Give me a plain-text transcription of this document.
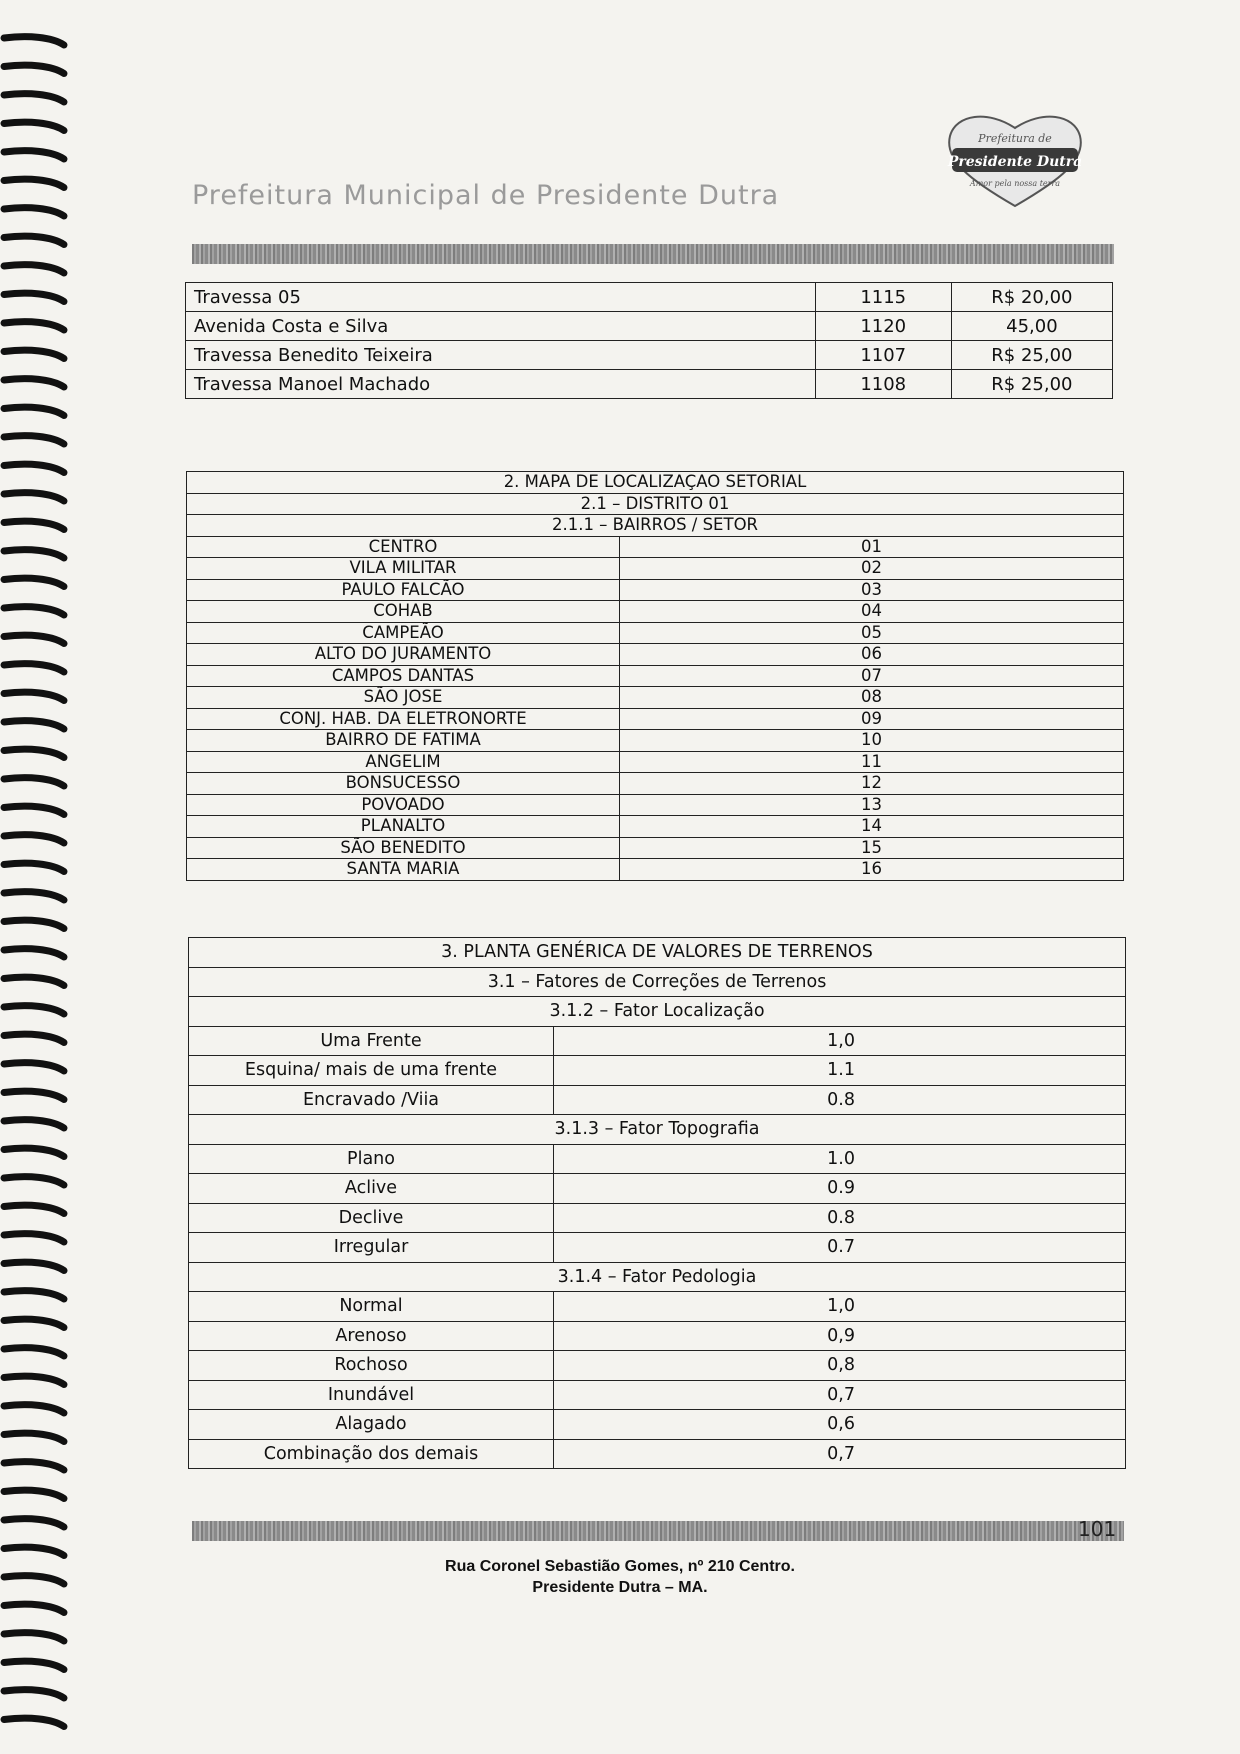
Prefeitura Municipal de Presidente Dutra
Prefeitura de
Presidente Dutra
Amor pela nossa terra
Travessa 05	1115	R$ 20,00
Avenida Costa e Silva	1120	45,00
Travessa Benedito Teixeira	1107	R$ 25,00
Travessa Manoel Machado	1108	R$ 25,00
2. MAPA DE LOCALIZAÇAO SETORIAL	
2.1 – DISTRITO 01	
2.1.1 – BAIRROS / SETOR	
CENTRO	01
VILA MILITAR	02
PAULO FALCÃO	03
COHAB	04
CAMPEÃO	05
ALTO DO JURAMENTO	06
CAMPOS DANTAS	07
SÃO JOSE	08
CONJ. HAB. DA ELETRONORTE	09
BAIRRO DE FATIMA	10
ANGELIM	11
BONSUCESSO	12
POVOADO	13
PLANALTO	14
SÃO BENEDITO	15
SANTA MARIA	16
3. PLANTA GENÉRICA DE VALORES DE TERRENOS	
3.1 – Fatores de Correções de Terrenos	
3.1.2 – Fator Localização	
Uma Frente	1,0
Esquina/ mais de uma frente	1.1
Encravado /Viia	0.8
3.1.3 – Fator Topografia	
Plano	1.0
Aclive	0.9
Declive	0.8
Irregular	0.7
3.1.4 – Fator Pedologia	
Normal	1,0
Arenoso	0,9
Rochoso	0,8
Inundável	0,7
Alagado	0,6
Combinação dos demais	0,7
101
Rua Coronel Sebastião Gomes, nº 210 Centro.
Presidente Dutra – MA.
